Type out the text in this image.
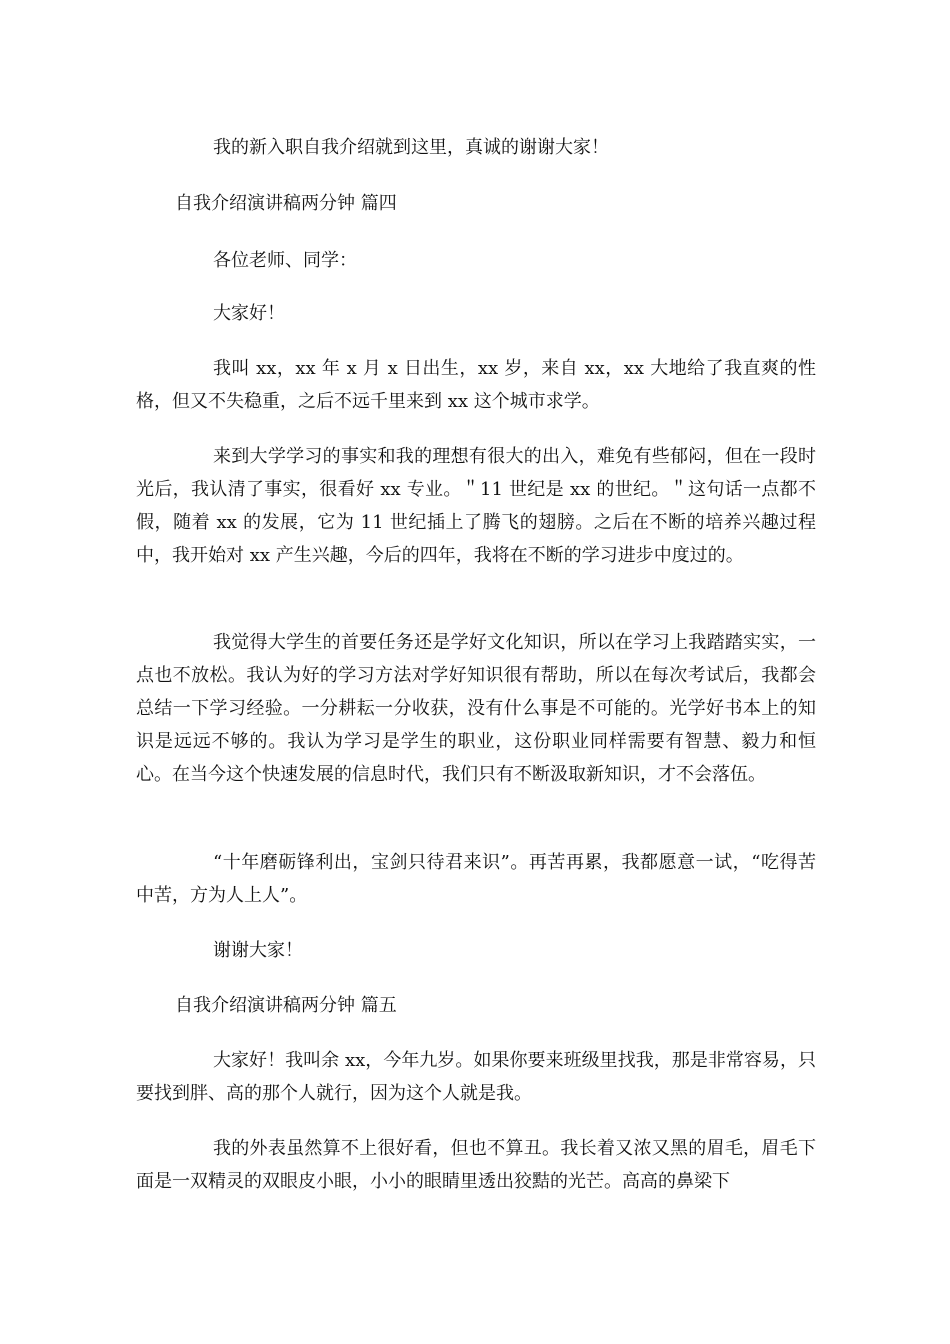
我的新入职自我介绍就到这里，真诚的谢谢大家！

自我介绍演讲稿两分钟 篇四

各位老师、同学：

大家好！

我叫 xx，xx 年 x 月 x 日出生，xx 岁，来自 xx，xx 大地给了我直爽的性格，但又不失稳重，之后不远千里来到 xx 这个城市求学。

来到大学学习的事实和我的理想有很大的出入，难免有些郁闷，但在一段时光后，我认清了事实，很看好 xx 专业。＂11 世纪是 xx 的世纪。＂这句话一点都不假，随着 xx 的发展，它为 11 世纪插上了腾飞的翅膀。之后在不断的培养兴趣过程中，我开始对 xx 产生兴趣，今后的四年，我将在不断的学习进步中度过的。

我觉得大学生的首要任务还是学好文化知识，所以在学习上我踏踏实实，一点也不放松。我认为好的学习方法对学好知识很有帮助，所以在每次考试后，我都会总结一下学习经验。一分耕耘一分收获，没有什么事是不可能的。光学好书本上的知识是远远不够的。我认为学习是学生的职业，这份职业同样需要有智慧、毅力和恒心。在当今这个快速发展的信息时代，我们只有不断汲取新知识，才不会落伍。

“十年磨砺锋利出，宝剑只待君来识”。再苦再累，我都愿意一试，“吃得苦中苦，方为人上人”。

谢谢大家！

自我介绍演讲稿两分钟 篇五

大家好！我叫余 xx，今年九岁。如果你要来班级里找我，那是非常容易，只要找到胖、高的那个人就行，因为这个人就是我。

我的外表虽然算不上很好看，但也不算丑。我长着又浓又黑的眉毛，眉毛下面是一双精灵的双眼皮小眼，小小的眼睛里透出狡黠的光芒。高高的鼻梁下
